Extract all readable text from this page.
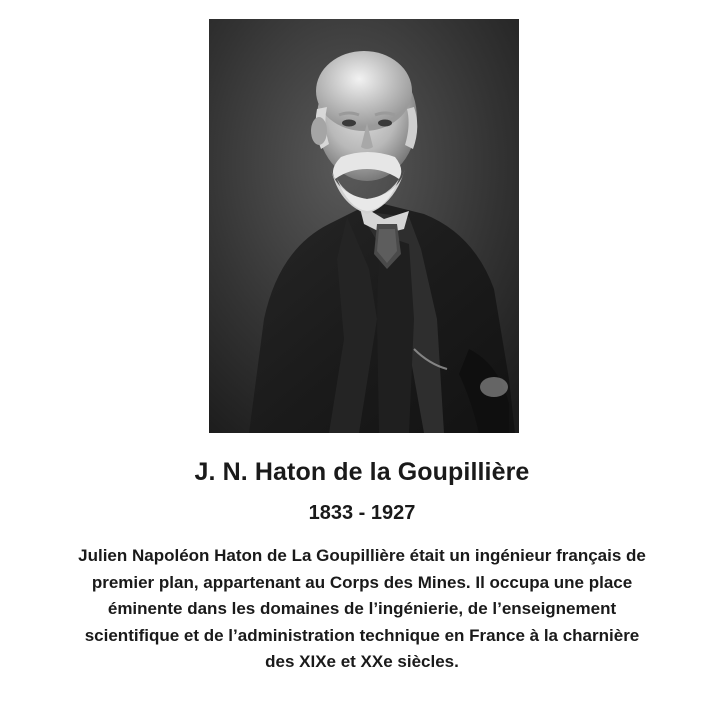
J. N. Haton de la Goupillière
1833 - 1927
Julien Napoléon Haton de La Goupillière était un ingénieur français de premier plan, appartenant au Corps des Mines. Il occupa une place éminente dans les domaines de l’ingénierie, de l’enseignement scientifique et de l’administration technique en France à la charnière des XIXe et XXe siècles.
